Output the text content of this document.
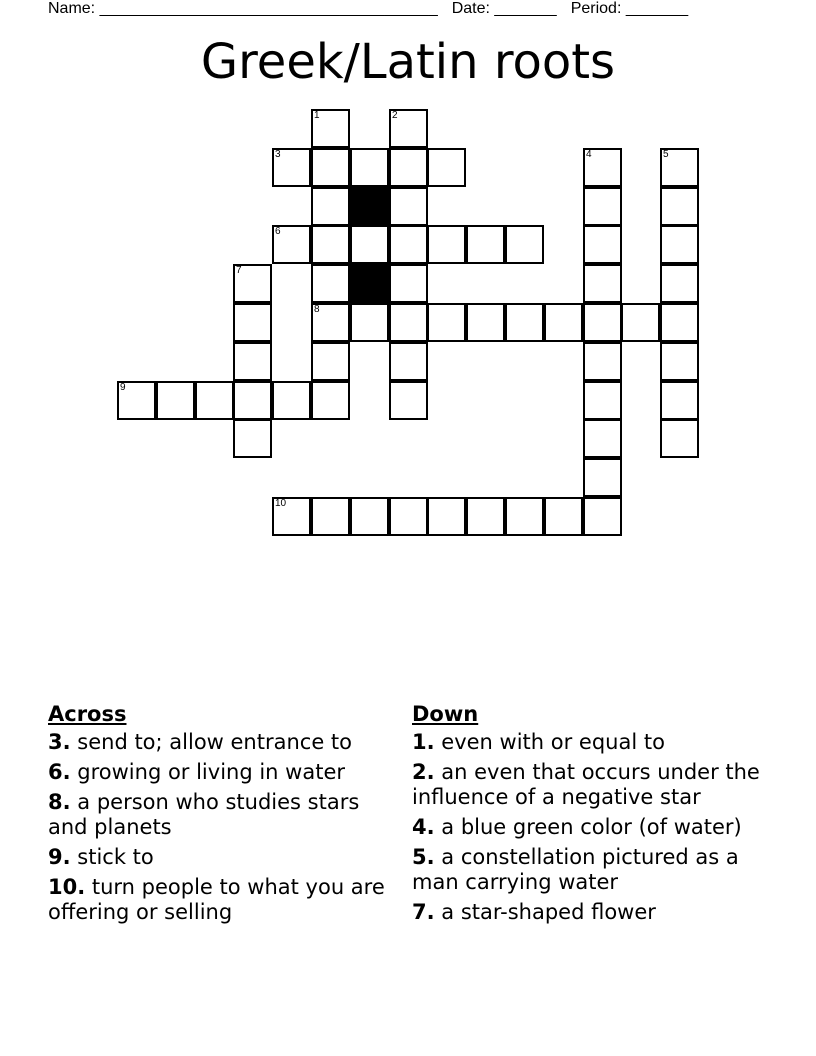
Name: ______________________________________ Date: _______ Period: _______
Greek/Latin roots
1	2
3	4	5
6
7
8
9
10
Across
3. send to; allow entrance to
6. growing or living in water
8. a person who studies stars and planets
9. stick to
10. turn people to what you are offering or selling
Down
1. even with or equal to
2. an even that occurs under the influence of a negative star
4. a blue green color (of water)
5. a constellation pictured as a man carrying water
7. a star-shaped flower
